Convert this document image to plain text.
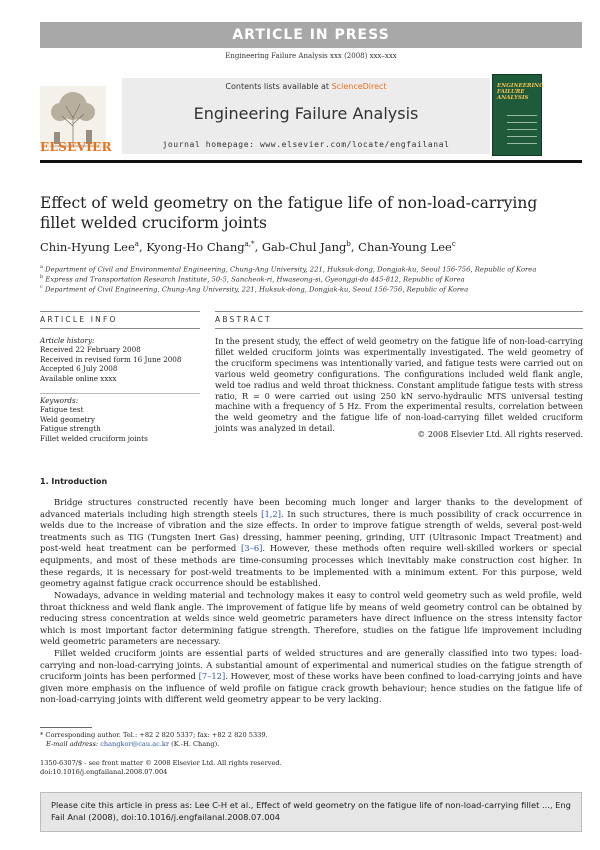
ARTICLE IN PRESS
Engineering Failure Analysis xxx (2008) xxx–xxx
ELSEVIER
Contents lists available at ScienceDirect
Engineering Failure Analysis
journal homepage: www.elsevier.com/locate/engfailanal
ENGINEERING FAILURE ANALYSIS
Effect of weld geometry on the fatigue life of non-load-carrying fillet welded cruciform joints
Chin-Hyung Lee$^a$, Kyong-Ho Chang$^{a,*}$, Gab-Chul Jang$^b$, Chan-Young Lee$^c$
$^a$ Department of Civil and Environmental Engineering, Chung-Ang University, 221, Huksuk-dong, Dongjak-ku, Seoul 156-756, Republic of Korea
$^b$ Express and Transportation Research Institute, 50-5, Sancheok-ri, Hwaseong-si, Gyeonggi-do 445-812, Republic of Korea
$^c$ Department of Civil Engineering, Chung-Ang University, 221, Huksuk-dong, Dongjak-ku, Seoul 156-756, Republic of Korea
ARTICLE INFO	ABSTRACT
Article history:
Received 22 February 2008
Received in revised form 16 June 2008
Accepted 6 July 2008
Available online xxxx
Keywords:
Fatigue test
Weld geometry
Fatigue strength
Fillet welded cruciform joints
In the present study, the effect of weld geometry on the fatigue life of non-load-carrying fillet welded cruciform joints was experimentally investigated. The weld geometry of the cruciform specimens was intentionally varied, and fatigue tests were carried out on various weld geometry configurations. The configurations included weld flank angle, weld toe radius and weld throat thickness. Constant amplitude fatigue tests with stress ratio, R = 0 were carried out using 250 kN servo-hydraulic MTS universal testing machine with a frequency of 5 Hz. From the experimental results, correlation between the weld geometry and the fatigue life of non-load-carrying fillet welded cruciform joints was analyzed in detail.
© 2008 Elsevier Ltd. All rights reserved.
1. Introduction
Bridge structures constructed recently have been becoming much longer and larger thanks to the development of advanced materials including high strength steels [1,2]. In such structures, there is much possibility of crack occurrence in welds due to the increase of vibration and the size effects. In order to improve fatigue strength of welds, several post-weld treatments such as TIG (Tungsten Inert Gas) dressing, hammer peening, grinding, UIT (Ultrasonic Impact Treatment) and post-weld heat treatment can be performed [3–6]. However, these methods often require well-skilled workers or special equipments, and most of these methods are time-consuming processes which inevitably make construction cost higher. In these regards, it is necessary for post-weld treatments to be implemented with a minimum extent. For this purpose, weld geometry against fatigue crack occurrence should be established.
Nowadays, advance in welding material and technology makes it easy to control weld geometry such as weld profile, weld throat thickness and weld flank angle. The improvement of fatigue life by means of weld geometry control can be obtained by reducing stress concentration at welds since weld geometric parameters have direct influence on the stress intensity factor which is most important factor determining fatigue strength. Therefore, studies on the fatigue life improvement including weld geometric parameters are necessary.
Fillet welded cruciform joints are essential parts of welded structures and are generally classified into two types: load-carrying and non-load-carrying joints. A substantial amount of experimental and numerical studies on the fatigue strength of cruciform joints has been performed [7–12]. However, most of these works have been confined to load-carrying joints and have given more emphasis on the influence of weld profile on fatigue crack growth behaviour; hence studies on the fatigue life of non-load-carrying joints with different weld geometry appear to be very lacking.
* Corresponding author. Tel.: +82 2 820 5337; fax: +82 2 820 5339.
E-mail address: changkor@cau.ac.kr (K.-H. Chang).
1350-6307/$ - see front matter © 2008 Elsevier Ltd. All rights reserved.
doi:10.1016/j.engfailanal.2008.07.004
Please cite this article in press as: Lee C-H et al., Effect of weld geometry on the fatigue life of non-load-carrying fillet ..., Eng Fail Anal (2008), doi:10.1016/j.engfailanal.2008.07.004
